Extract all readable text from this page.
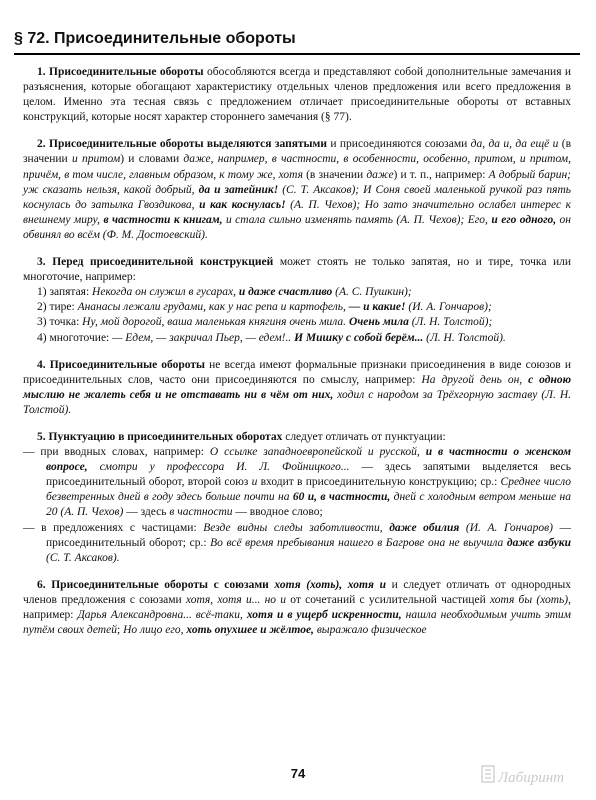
§ 72. Присоединительные обороты

1. Присоединительные обороты обособляются всегда и представляют собой дополнительные замечания и разъяснения, которые обогащают характеристику отдельных членов предложения или всего предложения в целом. Именно эта тесная связь с предложением отличает присоединительные обороты от вставных конструкций, которые носят характер стороннего замечания (§ 77).

2. Присоединительные обороты выделяются запятыми и присоединяются союзами да, да и, да ещё и (в значении и притом) и словами даже, например, в частности, в особенности, особенно, притом, и притом, причём, в том числе, главным образом, к тому же, хотя (в значении даже) и т. п., например: А добрый барин; уж сказать нельзя, какой добрый, да и затейник! (С. Т. Аксаков); И Соня своей маленькой ручкой раз пять коснулась до затылка Гвоздикова, и как коснулась! (А. П. Чехов); Но зато значительно ослабел интерес к внешнему миру, в частности к книгам, и стала сильно изменять память (А. П. Чехов); Его, и его одного, он обвинял во всём (Ф. М. Достоевский).

3. Перед присоединительной конструкцией может стоять не только запятая, но и тире, точка или многоточие, например:
1) запятая: Некогда он служил в гусарах, и даже счастливо (А. С. Пушкин);
2) тире: Ананасы лежали грудами, как у нас репа и картофель, — и какие! (И. А. Гончаров);
3) точка: Ну, мой дорогой, ваша маленькая княгиня очень мила. Очень мила (Л. Н. Толстой);
4) многоточие: — Едем, — закричал Пьер, — едем!.. И Мишку с собой берём... (Л. Н. Толстой).

4. Присоединительные обороты не всегда имеют формальные признаки присоединения в виде союзов и присоединительных слов, часто они присоединяются по смыслу, например: На другой день он, с одною мыслию не жалеть себя и не отставать ни в чём от них, ходил с народом за Трёхгорную заставу (Л. Н. Толстой).

5. Пунктуацию в присоединительных оборотах следует отличать от пунктуации:
— при вводных словах, например: О ссылке западноевропейской и русской, и в частности о женском вопросе, смотри у профессора И. Л. Фойницкого... — здесь запятыми выделяется весь присоединительный оборот, второй союз и входит в присоединительную конструкцию; ср.: Среднее число безветренных дней в году здесь больше почти на 60 и, в частности, дней с холодным ветром меньше на 20 (А. П. Чехов) — здесь в частности — вводное слово;
— в предложениях с частицами: Везде видны следы заботливости, даже обилия (И. А. Гончаров) — присоединительный оборот; ср.: Во всё время пребывания нашего в Багрове она не выучила даже азбуки (С. Т. Аксаков).

6. Присоединительные обороты с союзами хотя (хоть), хотя и и следует отличать от однородных членов предложения с союзами хотя, хотя и... но и от сочетаний с усилительной частицей хотя бы (хоть), например: Дарья Александровна... всё-таки, хотя и в ущерб искренности, нашла необходимым учить этим путём своих детей; Но лицо его, хоть опухшее и жёлтое, выражало физическое

74	Лабиринт
